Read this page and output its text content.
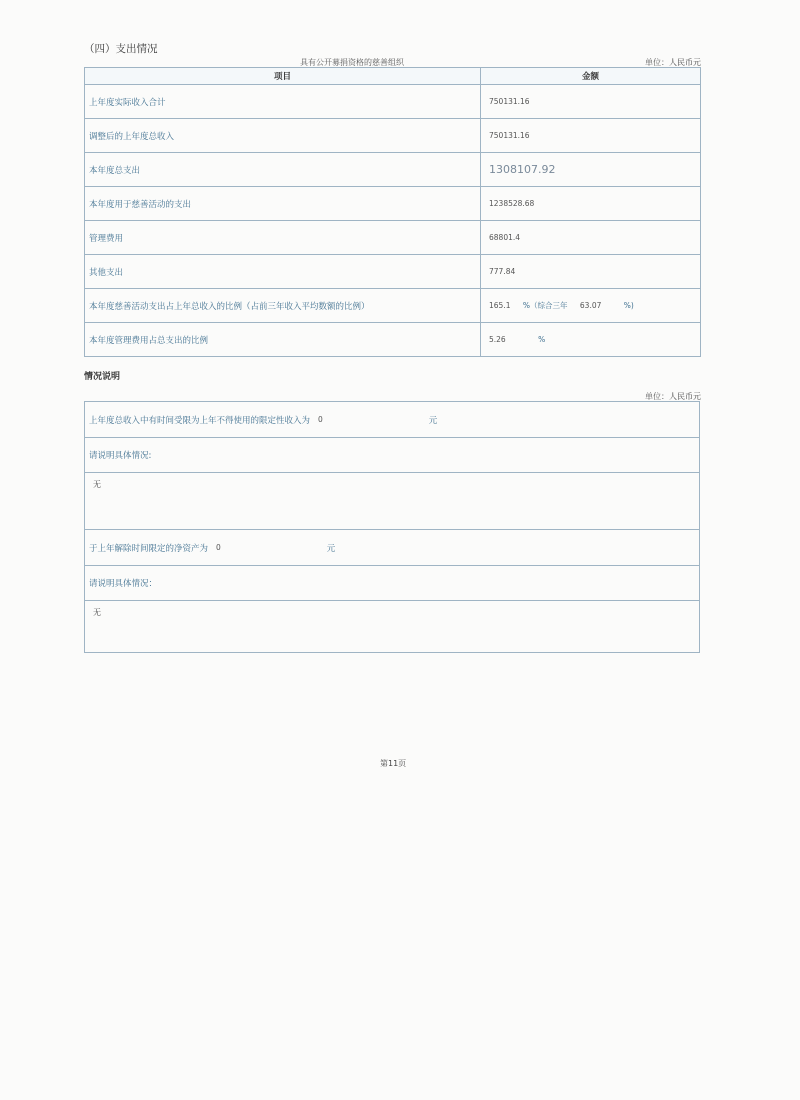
（四）支出情况
具有公开募捐资格的慈善组织	单位：人民币元
项目	金额
上年度实际收入合计	750131.16
调整后的上年度总收入	750131.16
本年度总支出	1308107.92
本年度用于慈善活动的支出	1238528.68
管理费用	68801.4
其他支出	777.84
本年度慈善活动支出占上年总收入的比例（占前三年收入平均数额的比例）	165.1 %（综合三年 63.07 %)
本年度管理费用占总支出的比例	5.26 %
情况说明
单位：人民币元
上年度总收入中有时间受限为上年不得使用的限定性收入为 0	元
请说明具体情况:
无
于上年解除时间限定的净资产为 0	元
请说明具体情况：
无
第11页
